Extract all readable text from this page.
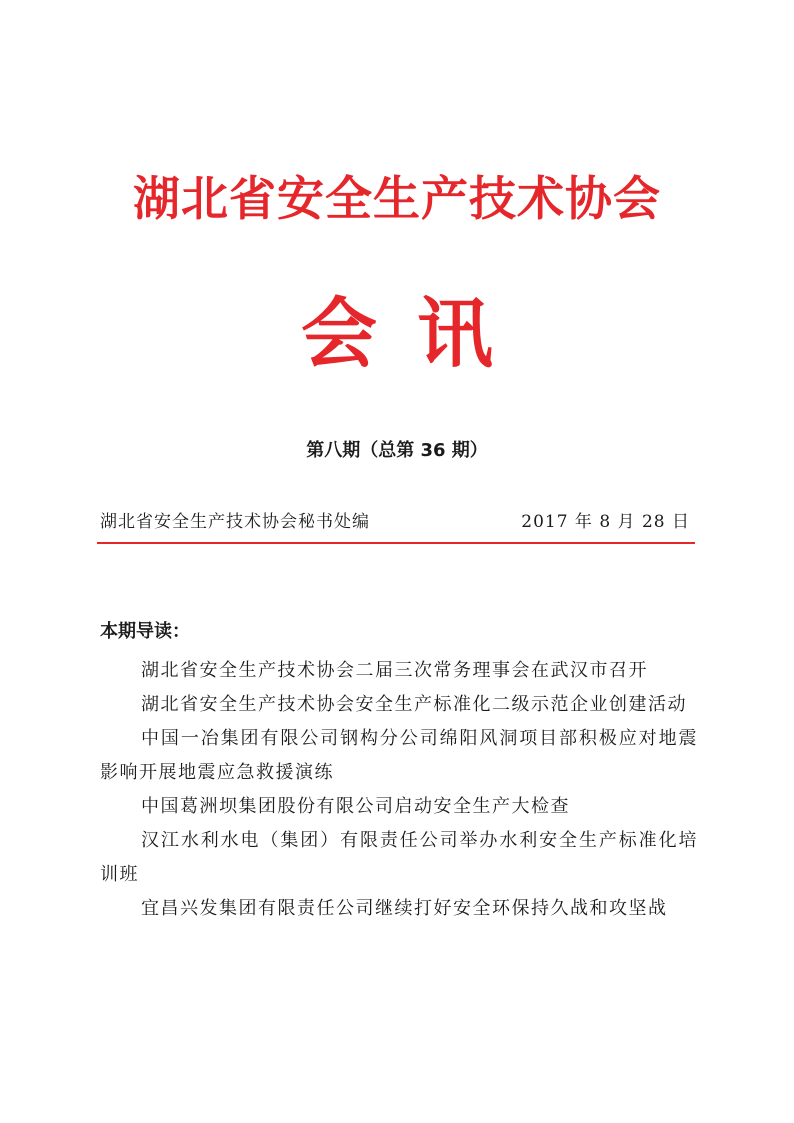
湖北省安全生产技术协会
会讯
第八期（总第 36 期）
湖北省安全生产技术协会秘书处编	2017 年 8 月 28 日
本期导读：
湖北省安全生产技术协会二届三次常务理事会在武汉市召开
湖北省安全生产技术协会安全生产标准化二级示范企业创建活动
中国一冶集团有限公司钢构分公司绵阳风洞项目部积极应对地震影响开展地震应急救援演练
中国葛洲坝集团股份有限公司启动安全生产大检查
汉江水利水电（集团）有限责任公司举办水利安全生产标准化培训班
宜昌兴发集团有限责任公司继续打好安全环保持久战和攻坚战
